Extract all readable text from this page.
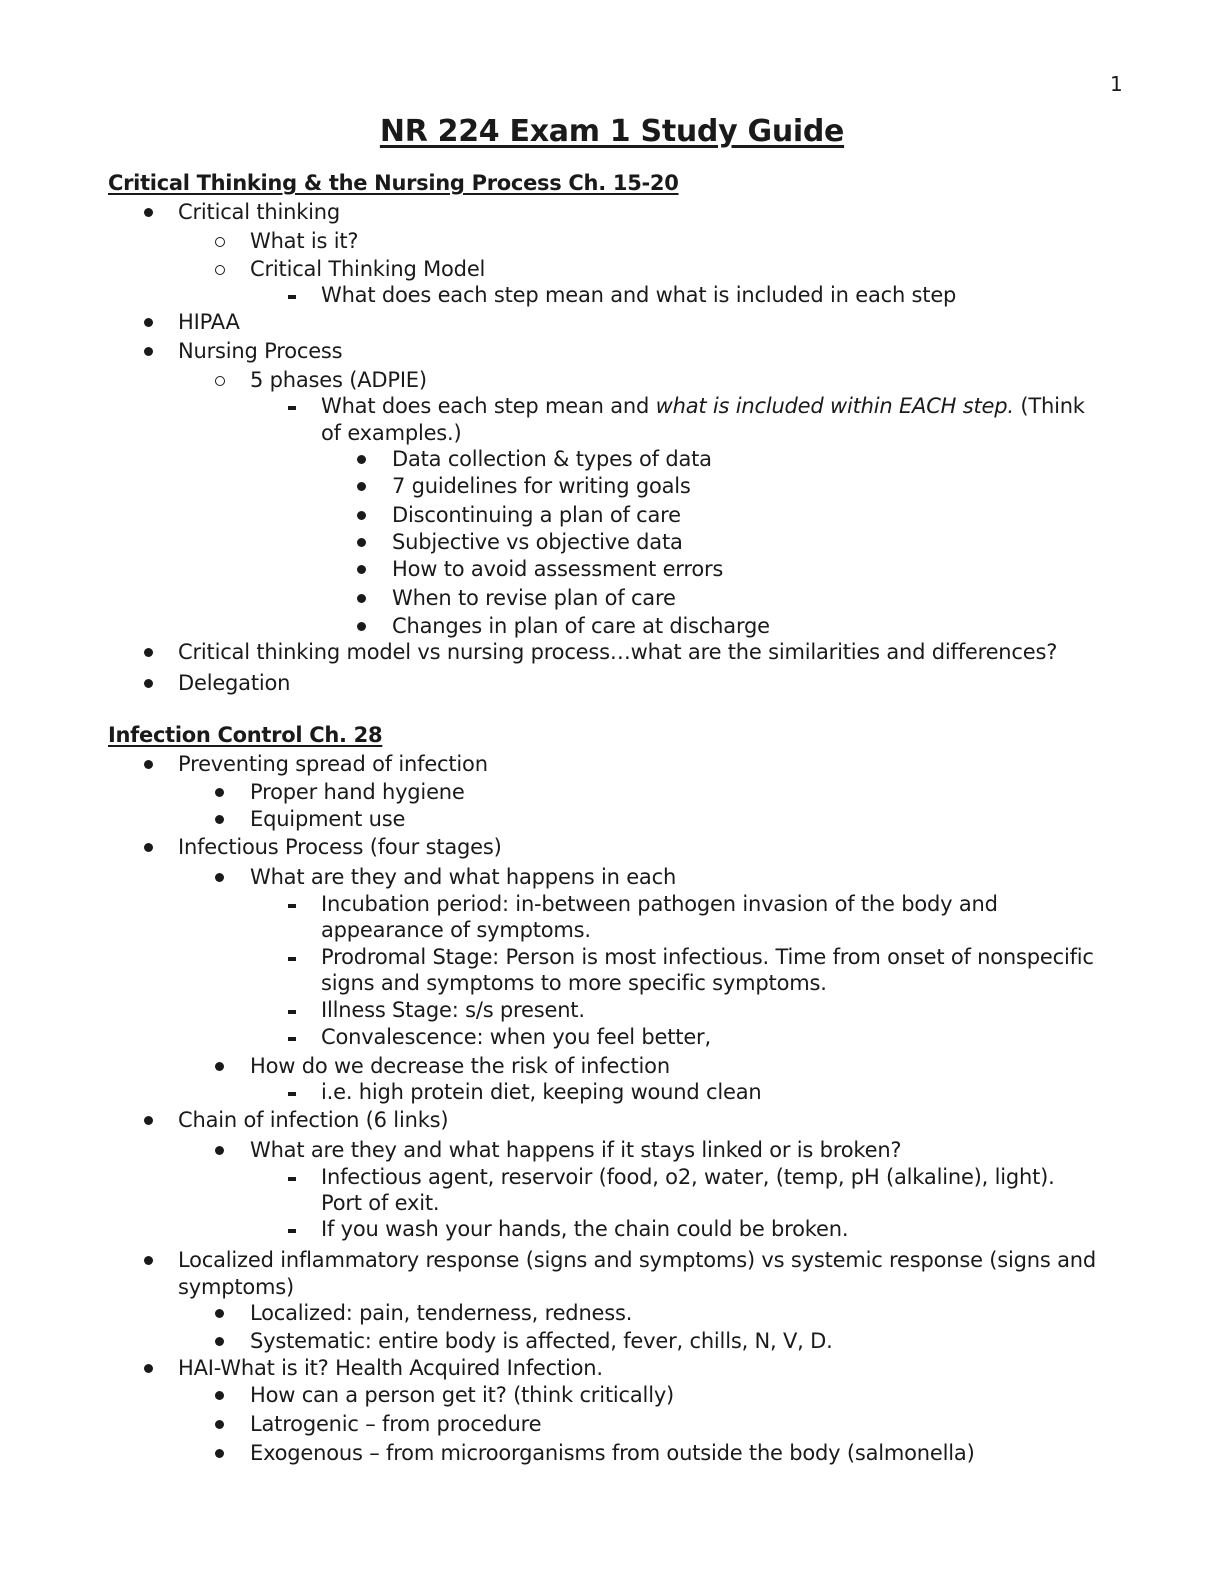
1
NR 224 Exam 1 Study Guide
Critical Thinking & the Nursing Process Ch. 15-20
Critical thinking
What is it?
Critical Thinking Model
What does each step mean and what is included in each step
HIPAA
Nursing Process
5 phases (ADPIE)
What does each step mean and what is included within EACH step. (Think
of examples.)
Data collection & types of data
7 guidelines for writing goals
Discontinuing a plan of care
Subjective vs objective data
How to avoid assessment errors
When to revise plan of care
Changes in plan of care at discharge
Critical thinking model vs nursing process…what are the similarities and differences?
Delegation
Infection Control Ch. 28
Preventing spread of infection
Proper hand hygiene
Equipment use
Infectious Process (four stages)
What are they and what happens in each
Incubation period: in-between pathogen invasion of the body and
appearance of symptoms.
Prodromal Stage: Person is most infectious. Time from onset of nonspecific
signs and symptoms to more specific symptoms.
Illness Stage: s/s present.
Convalescence: when you feel better,
How do we decrease the risk of infection
i.e. high protein diet, keeping wound clean
Chain of infection (6 links)
What are they and what happens if it stays linked or is broken?
Infectious agent, reservoir (food, o2, water, (temp, pH (alkaline), light).
Port of exit.
If you wash your hands, the chain could be broken.
Localized inflammatory response (signs and symptoms) vs systemic response (signs and
symptoms)
Localized: pain, tenderness, redness.
Systematic: entire body is affected, fever, chills, N, V, D.
HAI-What is it? Health Acquired Infection.
How can a person get it? (think critically)
Latrogenic – from procedure
Exogenous – from microorganisms from outside the body (salmonella)
